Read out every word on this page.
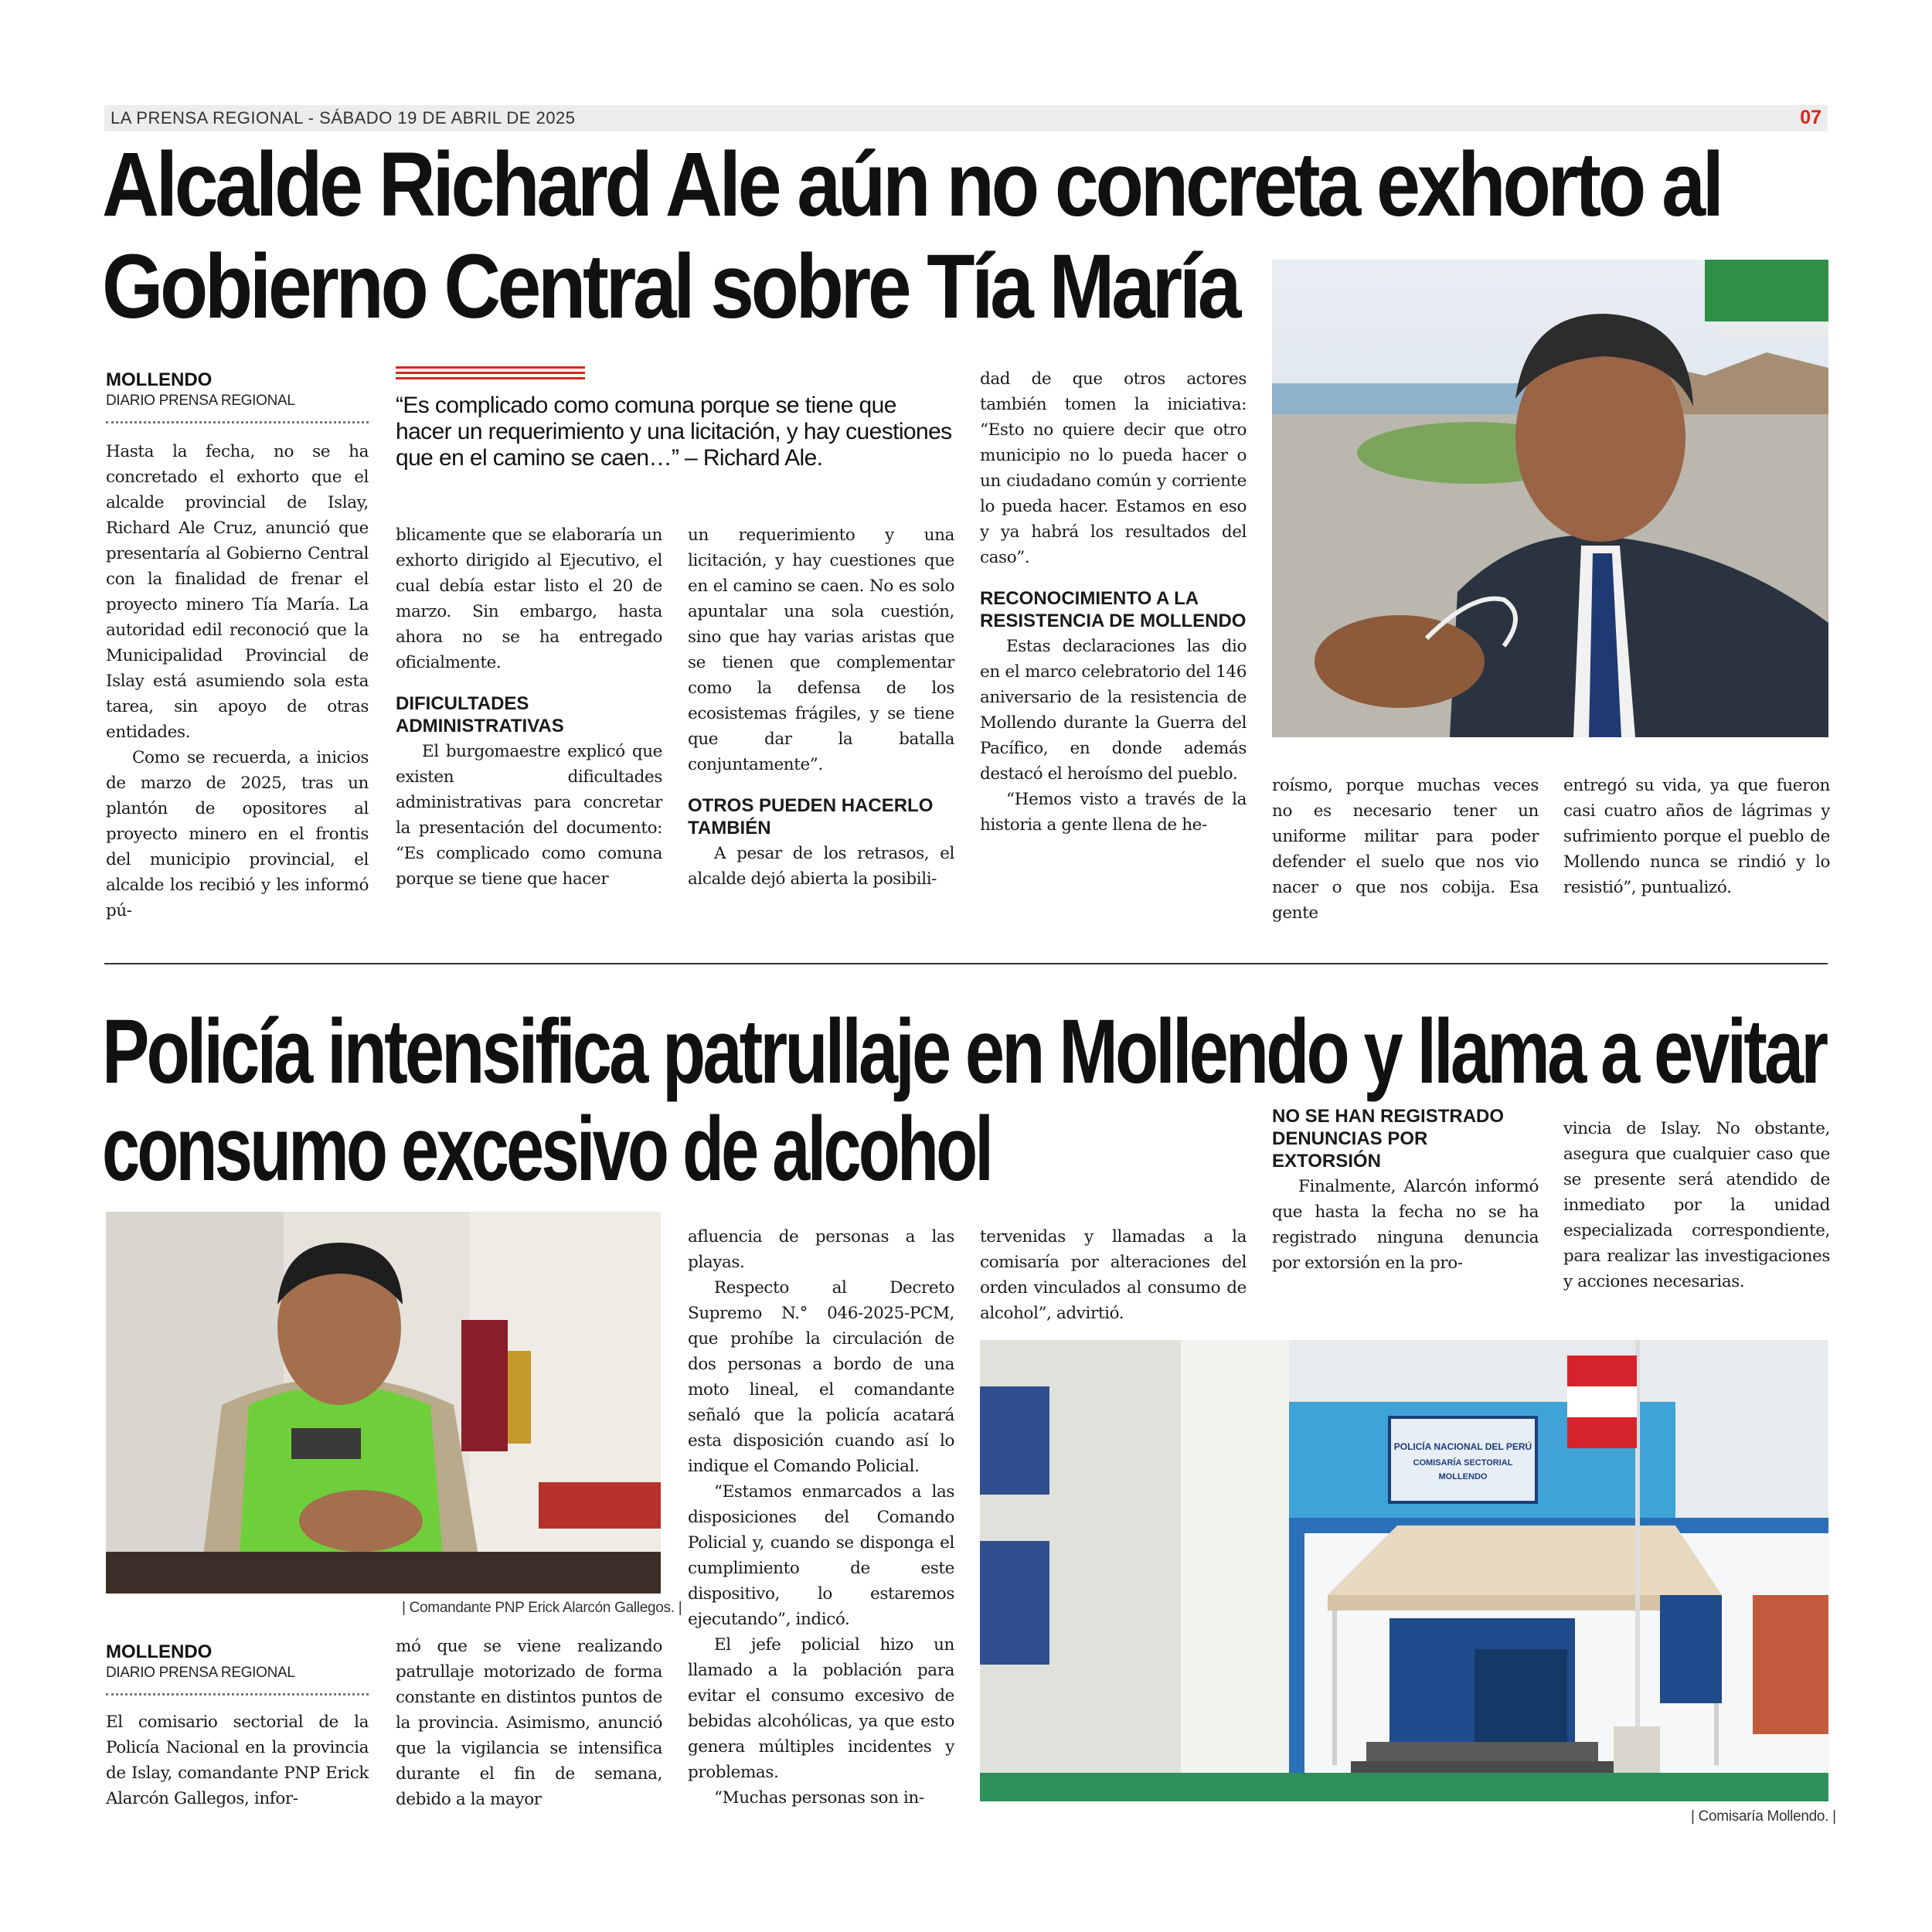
LA PRENSA REGIONAL - SÁBADO 19 DE ABRIL DE 2025	07
Alcalde Richard Ale aún no concreta exhorto al
Gobierno Central sobre Tía María
MOLLENDO
DIARIO PRENSA REGIONAL

Hasta la fecha, no se ha concretado el exhorto que el alcalde provincial de Islay, Richard Ale Cruz, anunció que presentaría al Gobierno Central con la finalidad de frenar el proyecto minero Tía María. La autoridad edil reconoció que la Municipalidad Provincial de Islay está asumiendo sola esta tarea, sin apoyo de otras entidades.

Como se recuerda, a inicios de marzo de 2025, tras un plantón de opositores al proyecto minero en el frontis del municipio provincial, el alcalde los recibió y les informó pú-

“Es complicado como comuna porque se tiene que hacer un requerimiento y una licitación, y hay cuestiones que en el camino se caen…” – Richard Ale.

blicamente que se elaboraría un exhorto dirigido al Ejecutivo, el cual debía estar listo el 20 de marzo. Sin embargo, hasta ahora no se ha entregado oficialmente.

DIFICULTADES ADMINISTRATIVAS

El burgomaestre explicó que existen dificultades administrativas para concretar la presentación del documento: “Es complicado como comuna porque se tiene que hacer

un requerimiento y una licitación, y hay cuestiones que en el camino se caen. No es solo apuntalar una sola cuestión, sino que hay varias aristas que se tienen que complementar como la defensa de los ecosistemas frágiles, y se tiene que dar la batalla conjuntamente”.

OTROS PUEDEN HACERLO TAMBIÉN

A pesar de los retrasos, el alcalde dejó abierta la posibili-

dad de que otros actores también tomen la iniciativa: “Esto no quiere decir que otro municipio no lo pueda hacer o un ciudadano común y corriente lo pueda hacer. Estamos en eso y ya habrá los resultados del caso”.

RECONOCIMIENTO A LA RESISTENCIA DE MOLLENDO

Estas declaraciones las dio en el marco celebratorio del 146 aniversario de la resistencia de Mollendo durante la Guerra del Pacífico, en donde además destacó el heroísmo del pueblo.

“Hemos visto a través de la historia a gente llena de he-

roísmo, porque muchas veces no es necesario tener un uniforme militar para poder defender el suelo que nos vio nacer o que nos cobija. Esa gente

entregó su vida, ya que fueron casi cuatro años de lágrimas y sufrimiento porque el pueblo de Mollendo nunca se rindió y lo resistió”, puntualizó.

Policía intensifica patrullaje en Mollendo y llama a evitar
consumo excesivo de alcohol
| Comandante PNP Erick Alarcón Gallegos. |
MOLLENDO
DIARIO PRENSA REGIONAL

El comisario sectorial de la Policía Nacional en la provincia de Islay, comandante PNP Erick Alarcón Gallegos, infor-

mó que se viene realizando patrullaje motorizado de forma constante en distintos puntos de la provincia. Asimismo, anunció que la vigilancia se intensifica durante el fin de semana, debido a la mayor

afluencia de personas a las playas.

Respecto al Decreto Supremo N.° 046-2025-PCM, que prohíbe la circulación de dos personas a bordo de una moto lineal, el comandante señaló que la policía acatará esta disposición cuando así lo indique el Comando Policial.

“Estamos enmarcados a las disposiciones del Comando Policial y, cuando se disponga el cumplimiento de este dispositivo, lo estaremos ejecutando”, indicó.

El jefe policial hizo un llamado a la población para evitar el consumo excesivo de bebidas alcohólicas, ya que esto genera múltiples incidentes y problemas.

“Muchas personas son in-

tervenidas y llamadas a la comisaría por alteraciones del orden vinculados al consumo de alcohol”, advirtió.

NO SE HAN REGISTRADO DENUNCIAS POR EXTORSIÓN

Finalmente, Alarcón informó que hasta la fecha no se ha registrado ninguna denuncia por extorsión en la pro-

vincia de Islay. No obstante, asegura que cualquier caso que se presente será atendido de inmediato por la unidad especializada correspondiente, para realizar las investigaciones y acciones necesarias.

POLICÍA NACIONAL DEL PERÚ
COMISARÍA SECTORIAL
MOLLENDO
| Comisaría Mollendo. |
